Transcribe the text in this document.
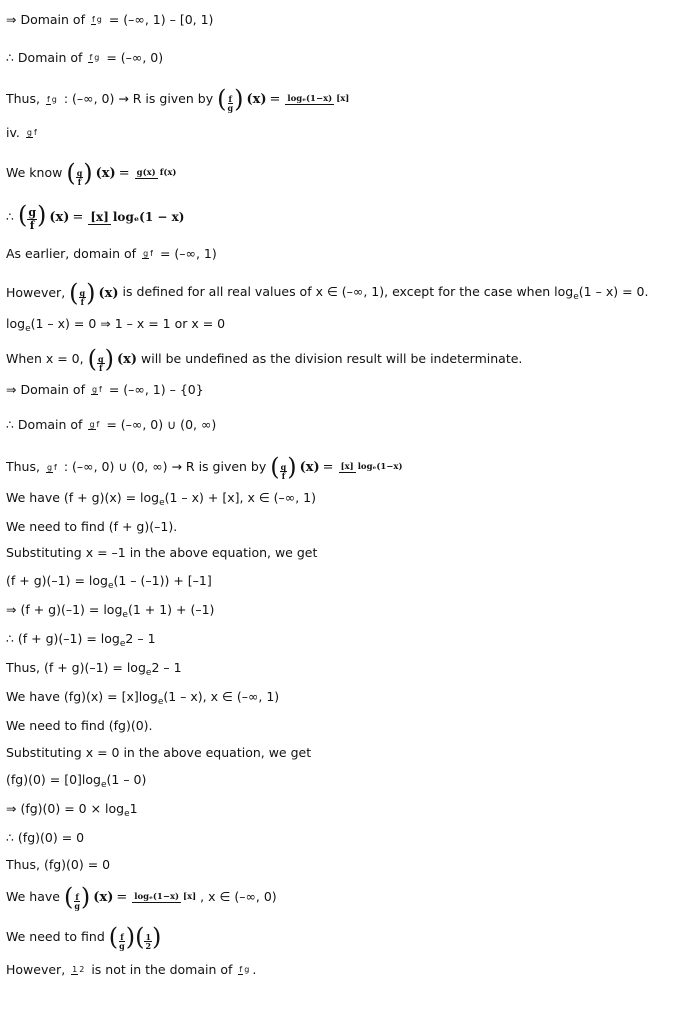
⇒ Domain of f g = (–∞, 1) – [0, 1)
∴ Domain of f g = (–∞, 0)
Thus, f g : (–∞, 0) → R is given by ( $\frac{f}{g}$ ) (x) = logₑ(1−x) [x]
iv. g f
We know ( $\frac{g}{f}$ ) (x) = g(x) f(x)
∴ ( $\frac{g}{f}$ ) (x) = [x] logₑ(1 − x)
As earlier, domain of g f = (–∞, 1)
However, ( $\frac{g}{f}$ ) (x) is defined for all real values of x ∈ (–∞, 1), except for the case when $\log_e(1 - x) = 0$.
$\log_e(1 - x) = 0$ ⇒ 1 – x = 1 or x = 0
When x = 0, ( $\frac{g}{f}$ ) (x) will be undefined as the division result will be indeterminate.
⇒ Domain of g f = (–∞, 1) – {0}
∴ Domain of g f = (–∞, 0) ∪ (0, ∞)
Thus, g f : (–∞, 0) ∪ (0, ∞) → R is given by ( $\frac{g}{f}$ ) (x) = [x] logₑ(1−x)
We have $(f + g)(x) = \log_e(1 - x) + [x]$, x ∈ (–∞, 1)
We need to find (f + g)(–1).
Substituting x = –1 in the above equation, we get
$(f + g)(-1) = \log_e(1 - (-1)) + [-1]$
⇒ $(f + g)(-1) = \log_e(1 + 1) + (-1)$
∴ $(f + g)(-1) = \log_e2 - 1$
Thus, $(f + g)(-1) = \log_e2 - 1$
We have $(fg)(x) = [x]\log_e(1 - x)$, x ∈ (–∞, 1)
We need to find (fg)(0).
Substituting x = 0 in the above equation, we get
$(fg)(0) = [0]\log_e(1 - 0)$
⇒ $(fg)(0) = 0 \times \log_e1$
∴ (fg)(0) = 0
Thus, (fg)(0) = 0
We have ( $\frac{f}{g}$ ) (x) = logₑ(1−x) [x] , x ∈ (–∞, 0)
We need to find ( $\frac{f}{g}$ )( $\frac{1}{2}$ )
However, 1 2 is not in the domain of f g .
